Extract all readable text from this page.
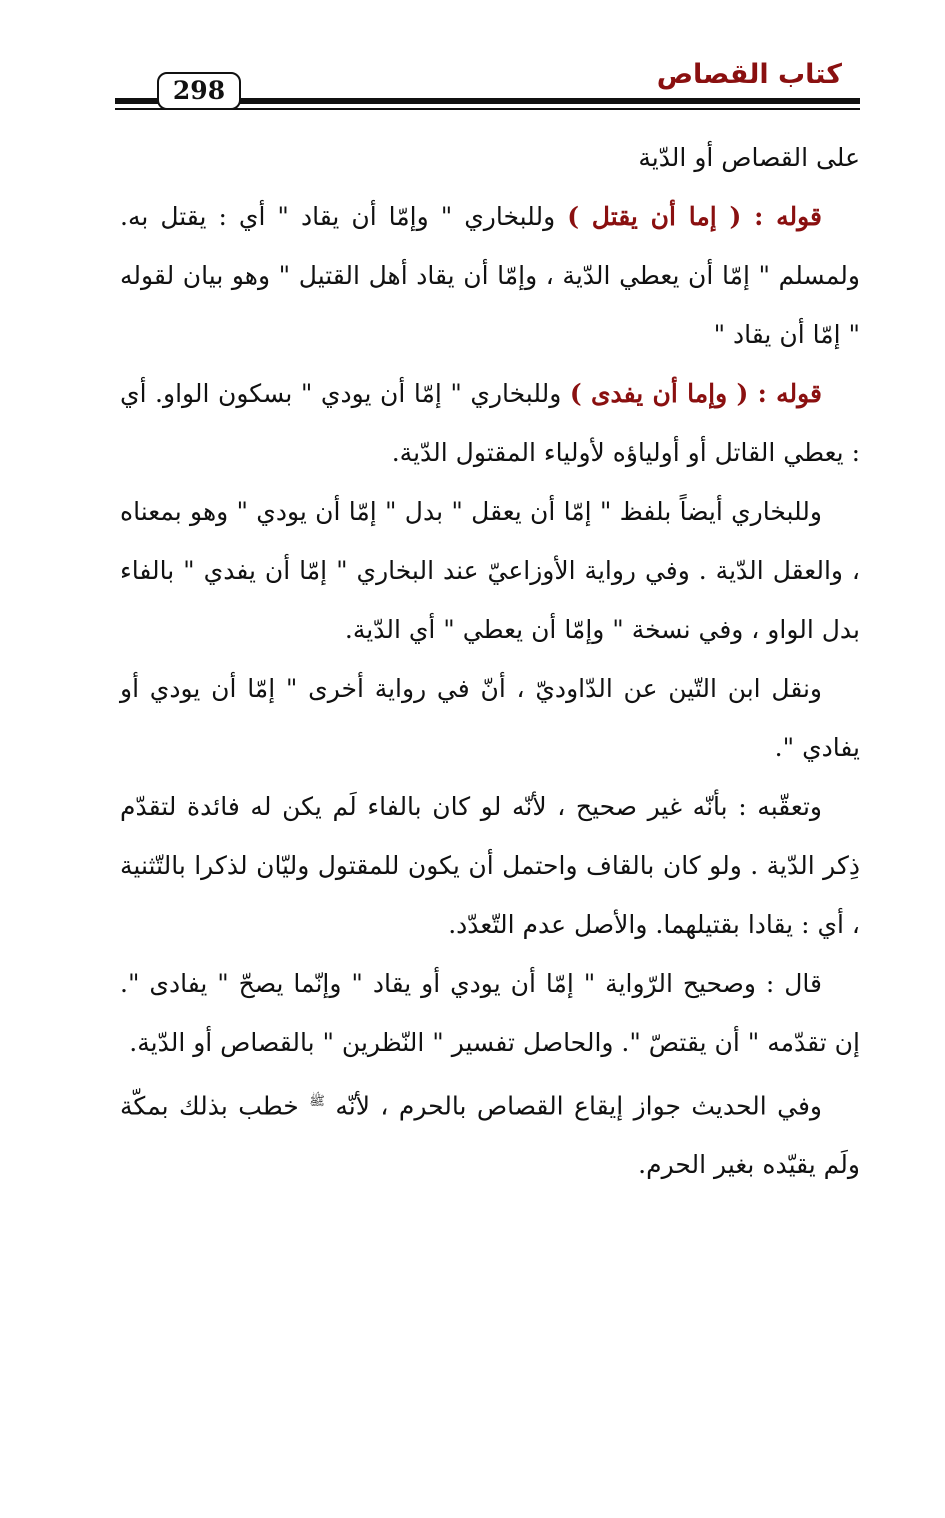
كتاب القصاص
298

على القصاص أو الدّية

قوله : ( إما أن يقتل ) وللبخاري " وإمّا أن يقاد " أي : يقتل به. ولمسلم " إمّا أن يعطي الدّية ، وإمّا أن يقاد أهل القتيل " وهو بيان لقوله " إمّا أن يقاد "

قوله : ( وإما أن يفدى ) وللبخاري " إمّا أن يودي " بسكون الواو. أي : يعطي القاتل أو أولياؤه لأولياء المقتول الدّية.

وللبخاري أيضاً بلفظ " إمّا أن يعقل " بدل " إمّا أن يودي " وهو بمعناه ، والعقل الدّية . وفي رواية الأوزاعيّ عند البخاري " إمّا أن يفدي " بالفاء بدل الواو ، وفي نسخة " وإمّا أن يعطي " أي الدّية.

ونقل ابن التّين عن الدّاوديّ ، أنّ في رواية أخرى " إمّا أن يودي أو يفادي ".

وتعقّبه : بأنّه غير صحيح ، لأنّه لو كان بالفاء لَم يكن له فائدة لتقدّم ذِكر الدّية . ولو كان بالقاف واحتمل أن يكون للمقتول وليّان لذكرا بالتّثنية ، أي : يقادا بقتيلهما. والأصل عدم التّعدّد.

قال : وصحيح الرّواية " إمّا أن يودي أو يقاد " وإنّما يصحّ " يفادى ". إن تقدّمه " أن يقتصّ ". والحاصل تفسير " النّظرين " بالقصاص أو الدّية.

وفي الحديث جواز إيقاع القصاص بالحرم ، لأنّه $^ﷺ$ خطب بذلك بمكّة ولَم يقيّده بغير الحرم.
